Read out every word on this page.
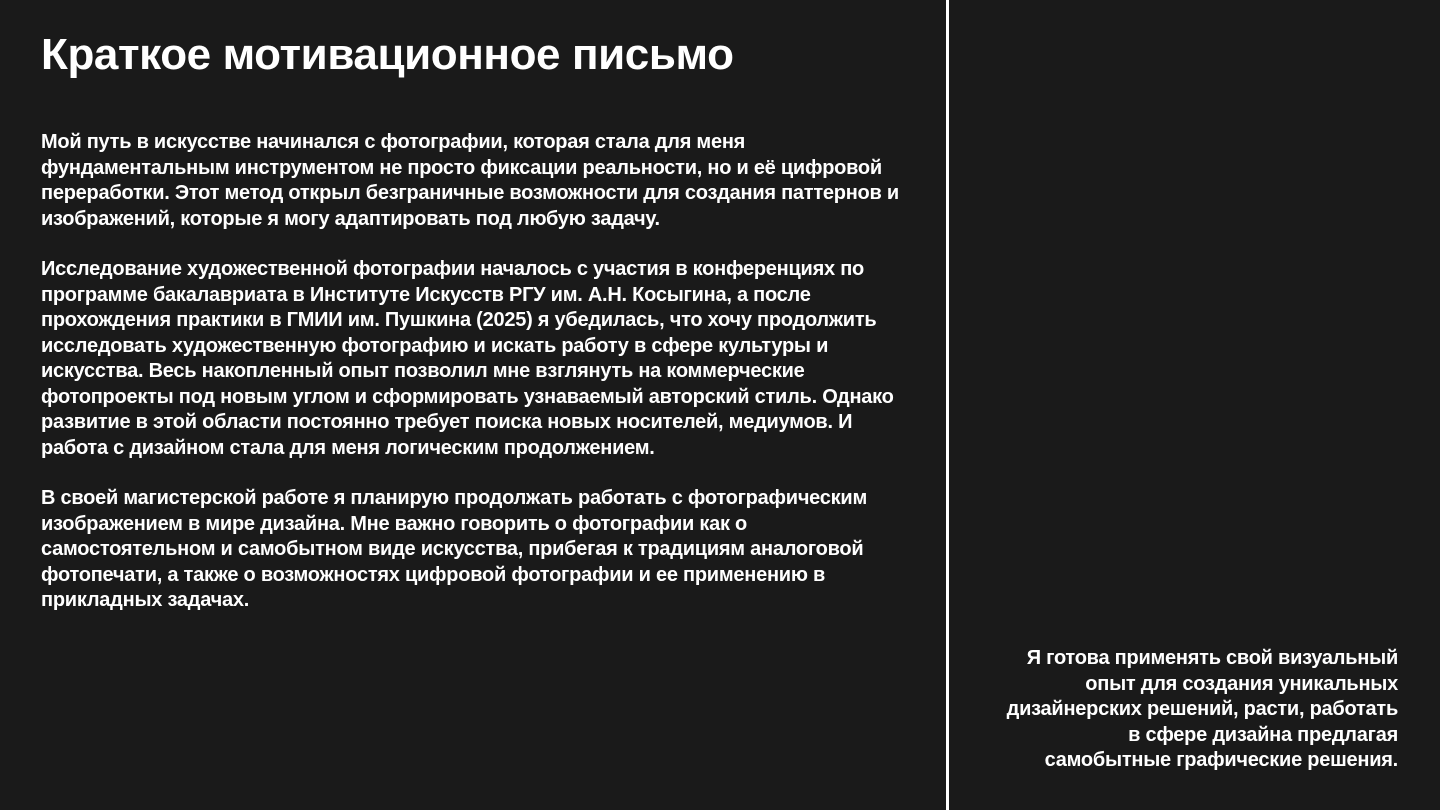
Краткое мотивационное письмо

Мой путь в искусстве начинался с фотографии, которая стала для меня фундаментальным инструментом не просто фиксации реальности, но и её цифровой переработки. Этот метод открыл безграничные возможности для создания паттернов и изображений, которые я могу адаптировать под любую задачу.

Исследование художественной фотографии началось с участия в конференциях по программе бакалавриата в Институте Искусств РГУ им. А.Н. Косыгина, а после прохождения практики в ГМИИ им. Пушкина (2025) я убедилась, что хочу продолжить исследовать художественную фотографию и искать работу в сфере культуры и искусства. Весь накопленный опыт позволил мне взглянуть на коммерческие фотопроекты под новым углом и сформировать узнаваемый авторский стиль. Однако развитие в этой области постоянно требует поиска новых носителей, медиумов. И работа с дизайном стала для меня логическим продолжением.

В своей магистерской работе я планирую продолжать работать с фотографическим изображением в мире дизайна. Мне важно говорить о фотографии как о самостоятельном и самобытном виде искусства, прибегая к традициям аналоговой фотопечати, а также о возможностях цифровой фотографии и ее применению в прикладных задачах.

Я готова применять свой визуальный опыт для создания уникальных дизайнерских решений, расти, работать в сфере дизайна предлагая самобытные графические решения.
